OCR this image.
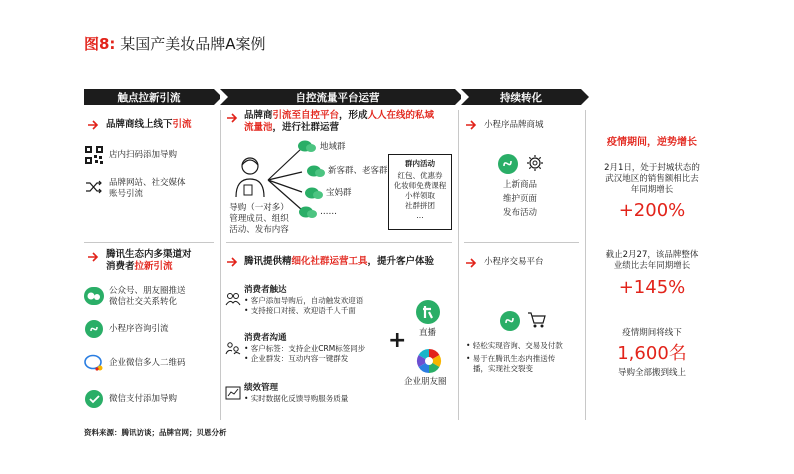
图8: 某国产美妆品牌A案例
触点拉新引流	自控流量平台运营	持续转化
品牌商线上线下引流
店内扫码添加导购
品牌网站、社交媒体
账号引流
腾讯生态内多渠道对
消费者拉新引流
公众号、朋友圈推送
微信社交关系转化
小程序咨询引流
企业微信多人二维码
微信支付添加导购
品牌商引流至自控平台，形成人人在线的私域
流量池，进行社群运营
地域群
新客群、老客群
宝妈群
……
导购（一对多）
管理成员、组织
活动、发布内容
群内活动
红包、优惠券
化妆师免费课程
小样领取
社群拼团
...
腾讯提供精细化社群运营工具，提升客户体验
消费者触达
• 客户添加导购后，自动触发欢迎语
• 支持接口对接、欢迎语千人千面
消费者沟通
• 客户标签：支持企业CRM标签同步
• 企业群发：互动内容一键群发
绩效管理
• 实时数据化反馈导购服务质量
+ 直播
企业朋友圈
小程序品牌商城
上新商品
维护页面
发布活动
小程序交易平台
• 轻松实现咨询、交易及付款
• 易于在腾讯生态内推送传
播，实现社交裂变
疫情期间，逆势增长
2月1日，处于封城状态的
武汉地区的销售额相比去
年同期增长
+200%
截止2月27，该品牌整体
业绩比去年同期增长
+145%
疫情期间将线下
1,600名
导购全部搬到线上
资料来源：腾讯访谈；品牌官网；贝恩分析
